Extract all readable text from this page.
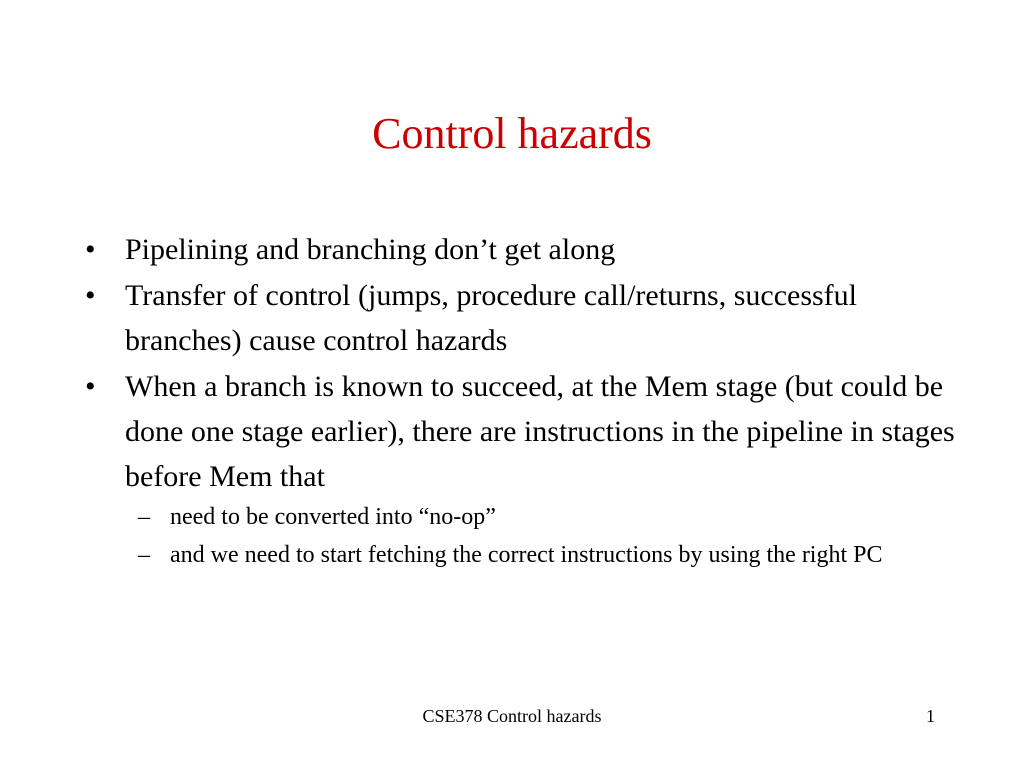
Control hazards
• Pipelining and branching don’t get along
• Transfer of control (jumps, procedure call/returns, successful branches) cause control hazards
• When a branch is known to succeed, at the Mem stage (but could be done one stage earlier), there are instructions in the pipeline in stages before Mem that
– need to be converted into “no-op”
– and we need to start fetching the correct instructions by using the right PC
CSE378 Control hazards	1
